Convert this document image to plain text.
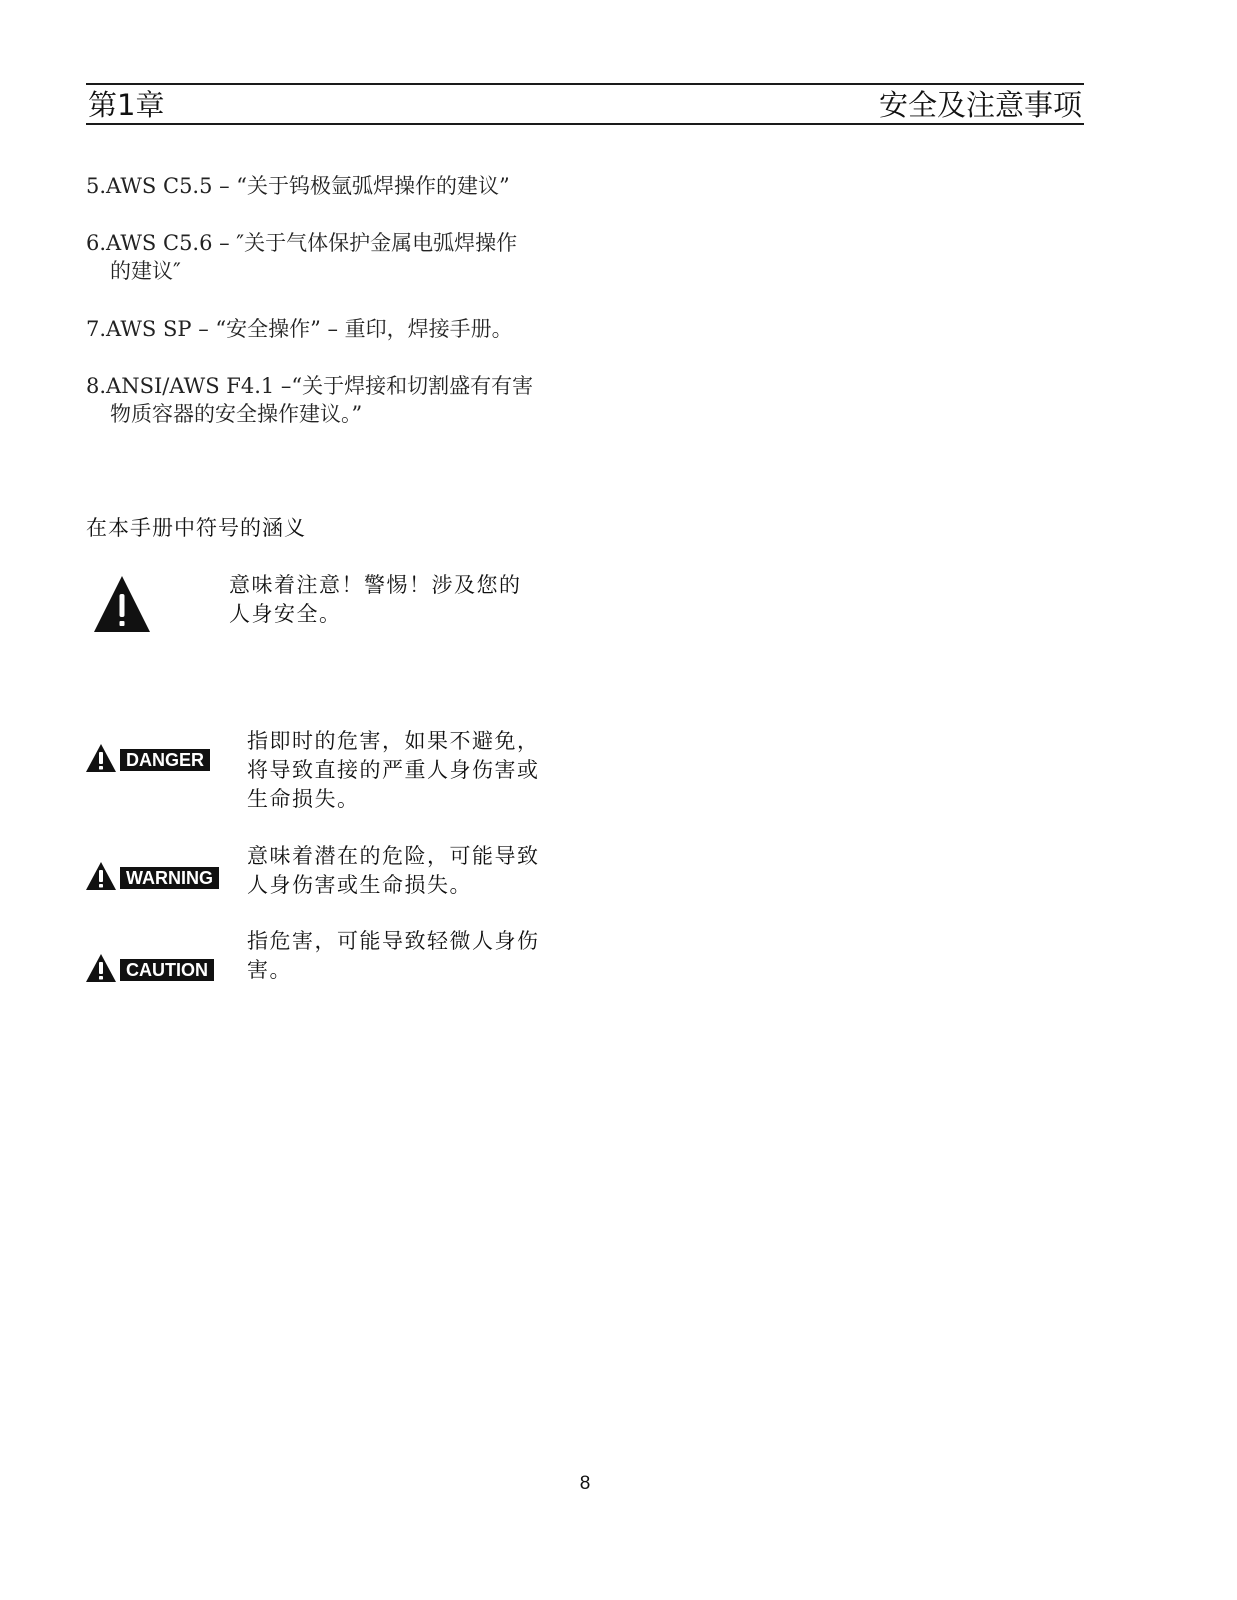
第1章	安全及注意事项
5.AWS C5.5 – “关于钨极氩弧焊操作的建议”
6.AWS C5.6 – ″关于气体保护金属电弧焊操作
的建议″
7.AWS SP – “安全操作” – 重印，焊接手册。
8.ANSI/AWS F4.1 –“关于焊接和切割盛有有害
物质容器的安全操作建议。”
在本手册中符号的涵义
意味着注意！警惕！涉及您的
人身安全。
DANGER
指即时的危害，如果不避免，
将导致直接的严重人身伤害或
生命损失。
WARNING
意味着潜在的危险，可能导致
人身伤害或生命损失。
CAUTION
指危害，可能导致轻微人身伤
害。
8
